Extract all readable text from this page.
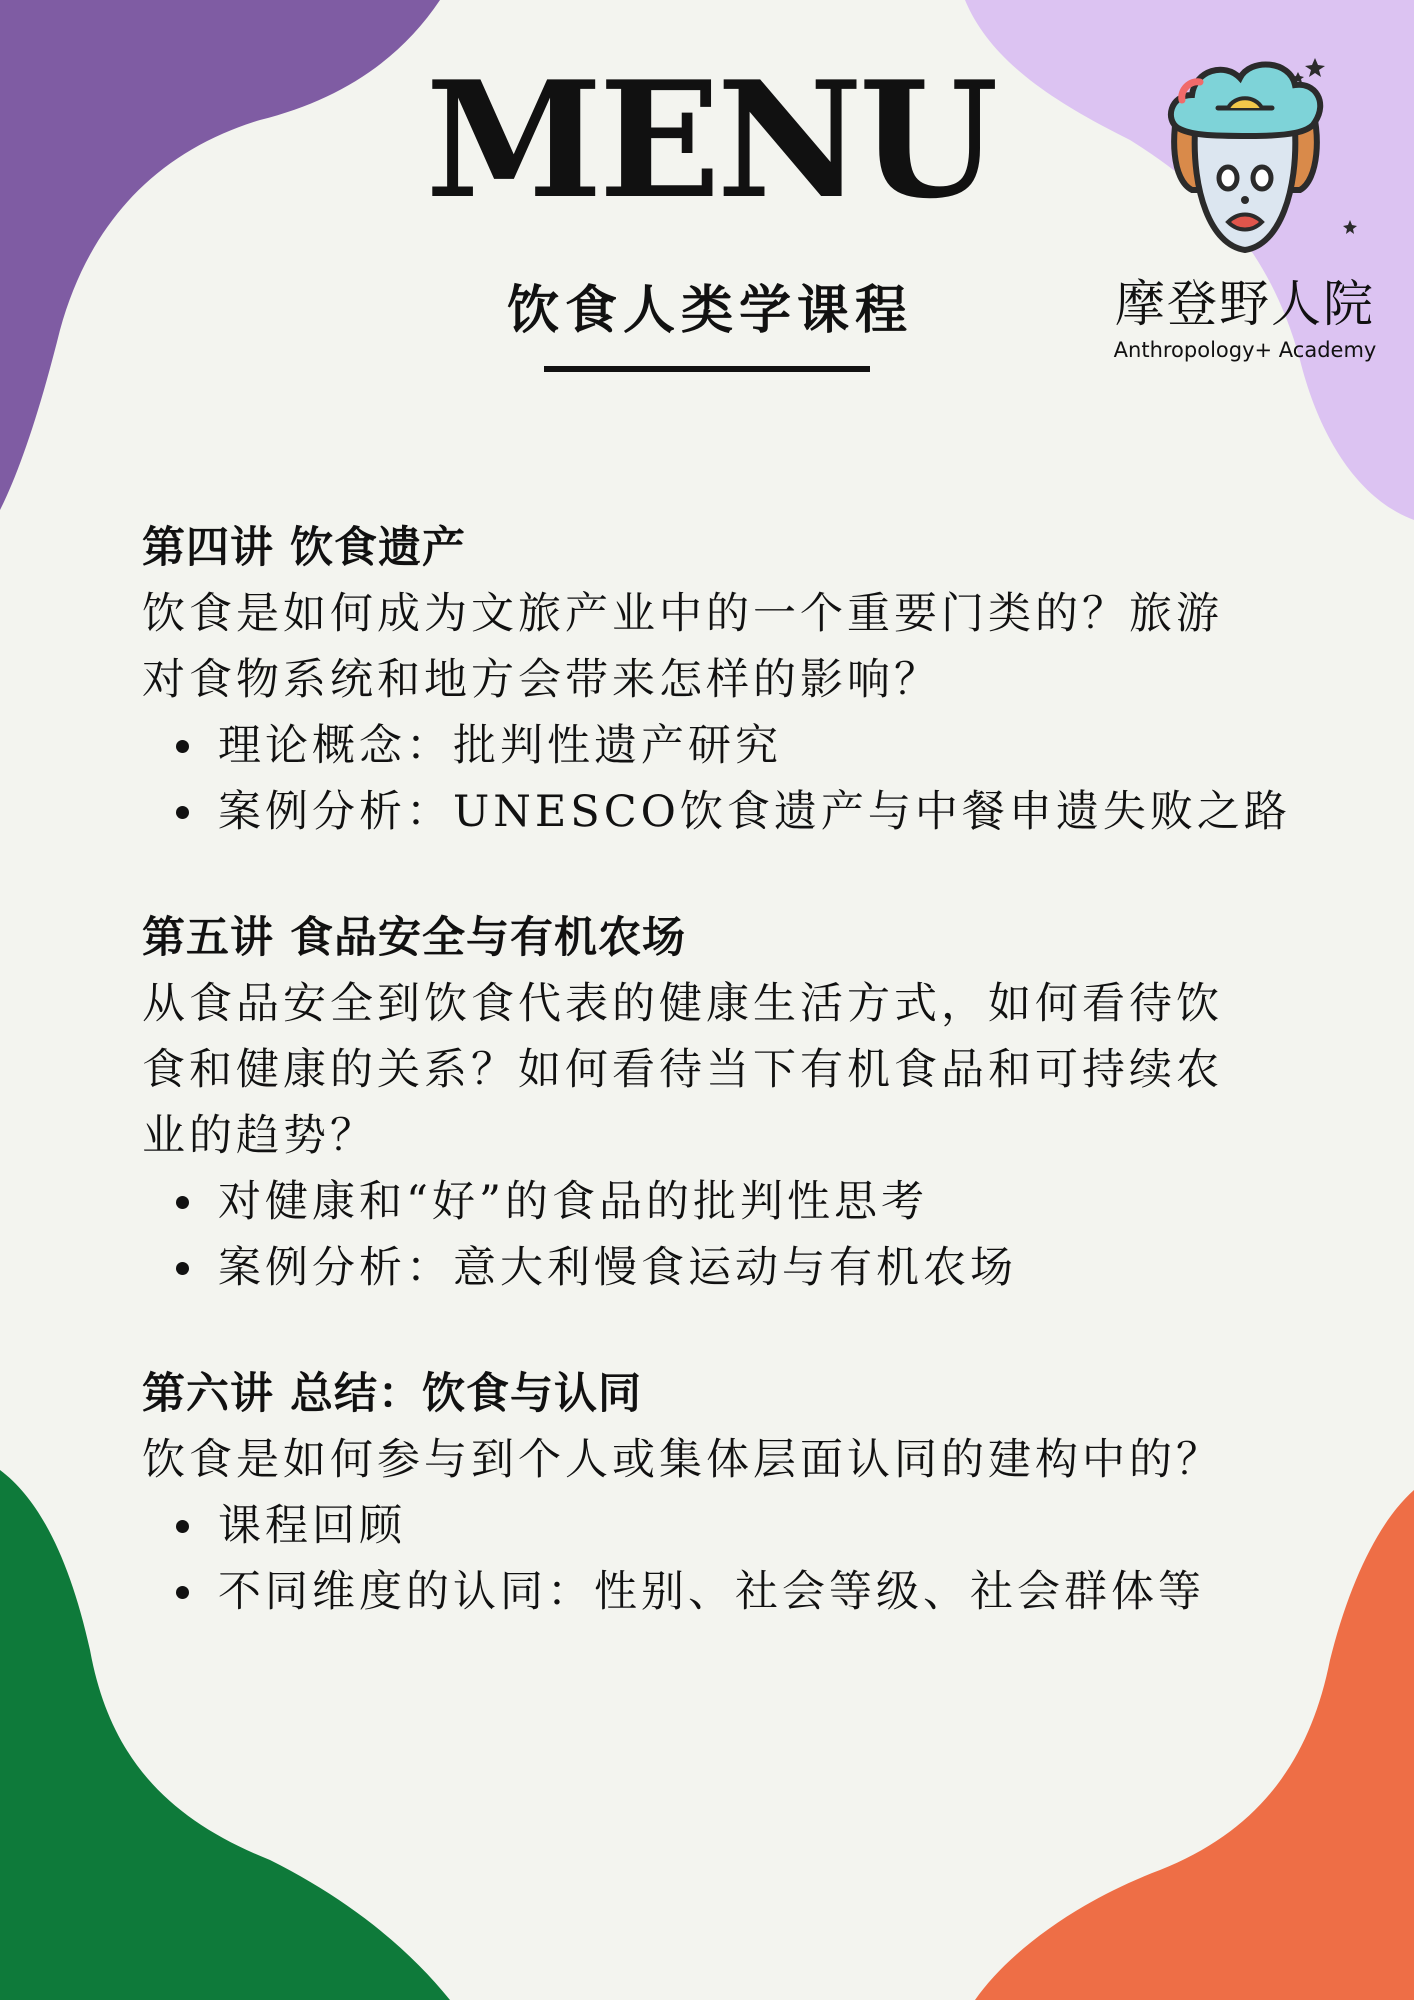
MENU
饮食人类学课程	摩登野人院
Anthropology+ Academy
第四讲 饮食遗产

饮食是如何成为文旅产业中的一个重要门类的？旅游对食物系统和地方会带来怎样的影响？

理论概念：批判性遗产研究
案例分析：UNESCO饮食遗产与中餐申遗失败之路
第五讲 食品安全与有机农场

从食品安全到饮食代表的健康生活方式，如何看待饮食和健康的关系？如何看待当下有机食品和可持续农业的趋势？

对健康和“好”的食品的批判性思考
案例分析：意大利慢食运动与有机农场
第六讲 总结：饮食与认同

饮食是如何参与到个人或集体层面认同的建构中的？

课程回顾
不同维度的认同：性别、社会等级、社会群体等
